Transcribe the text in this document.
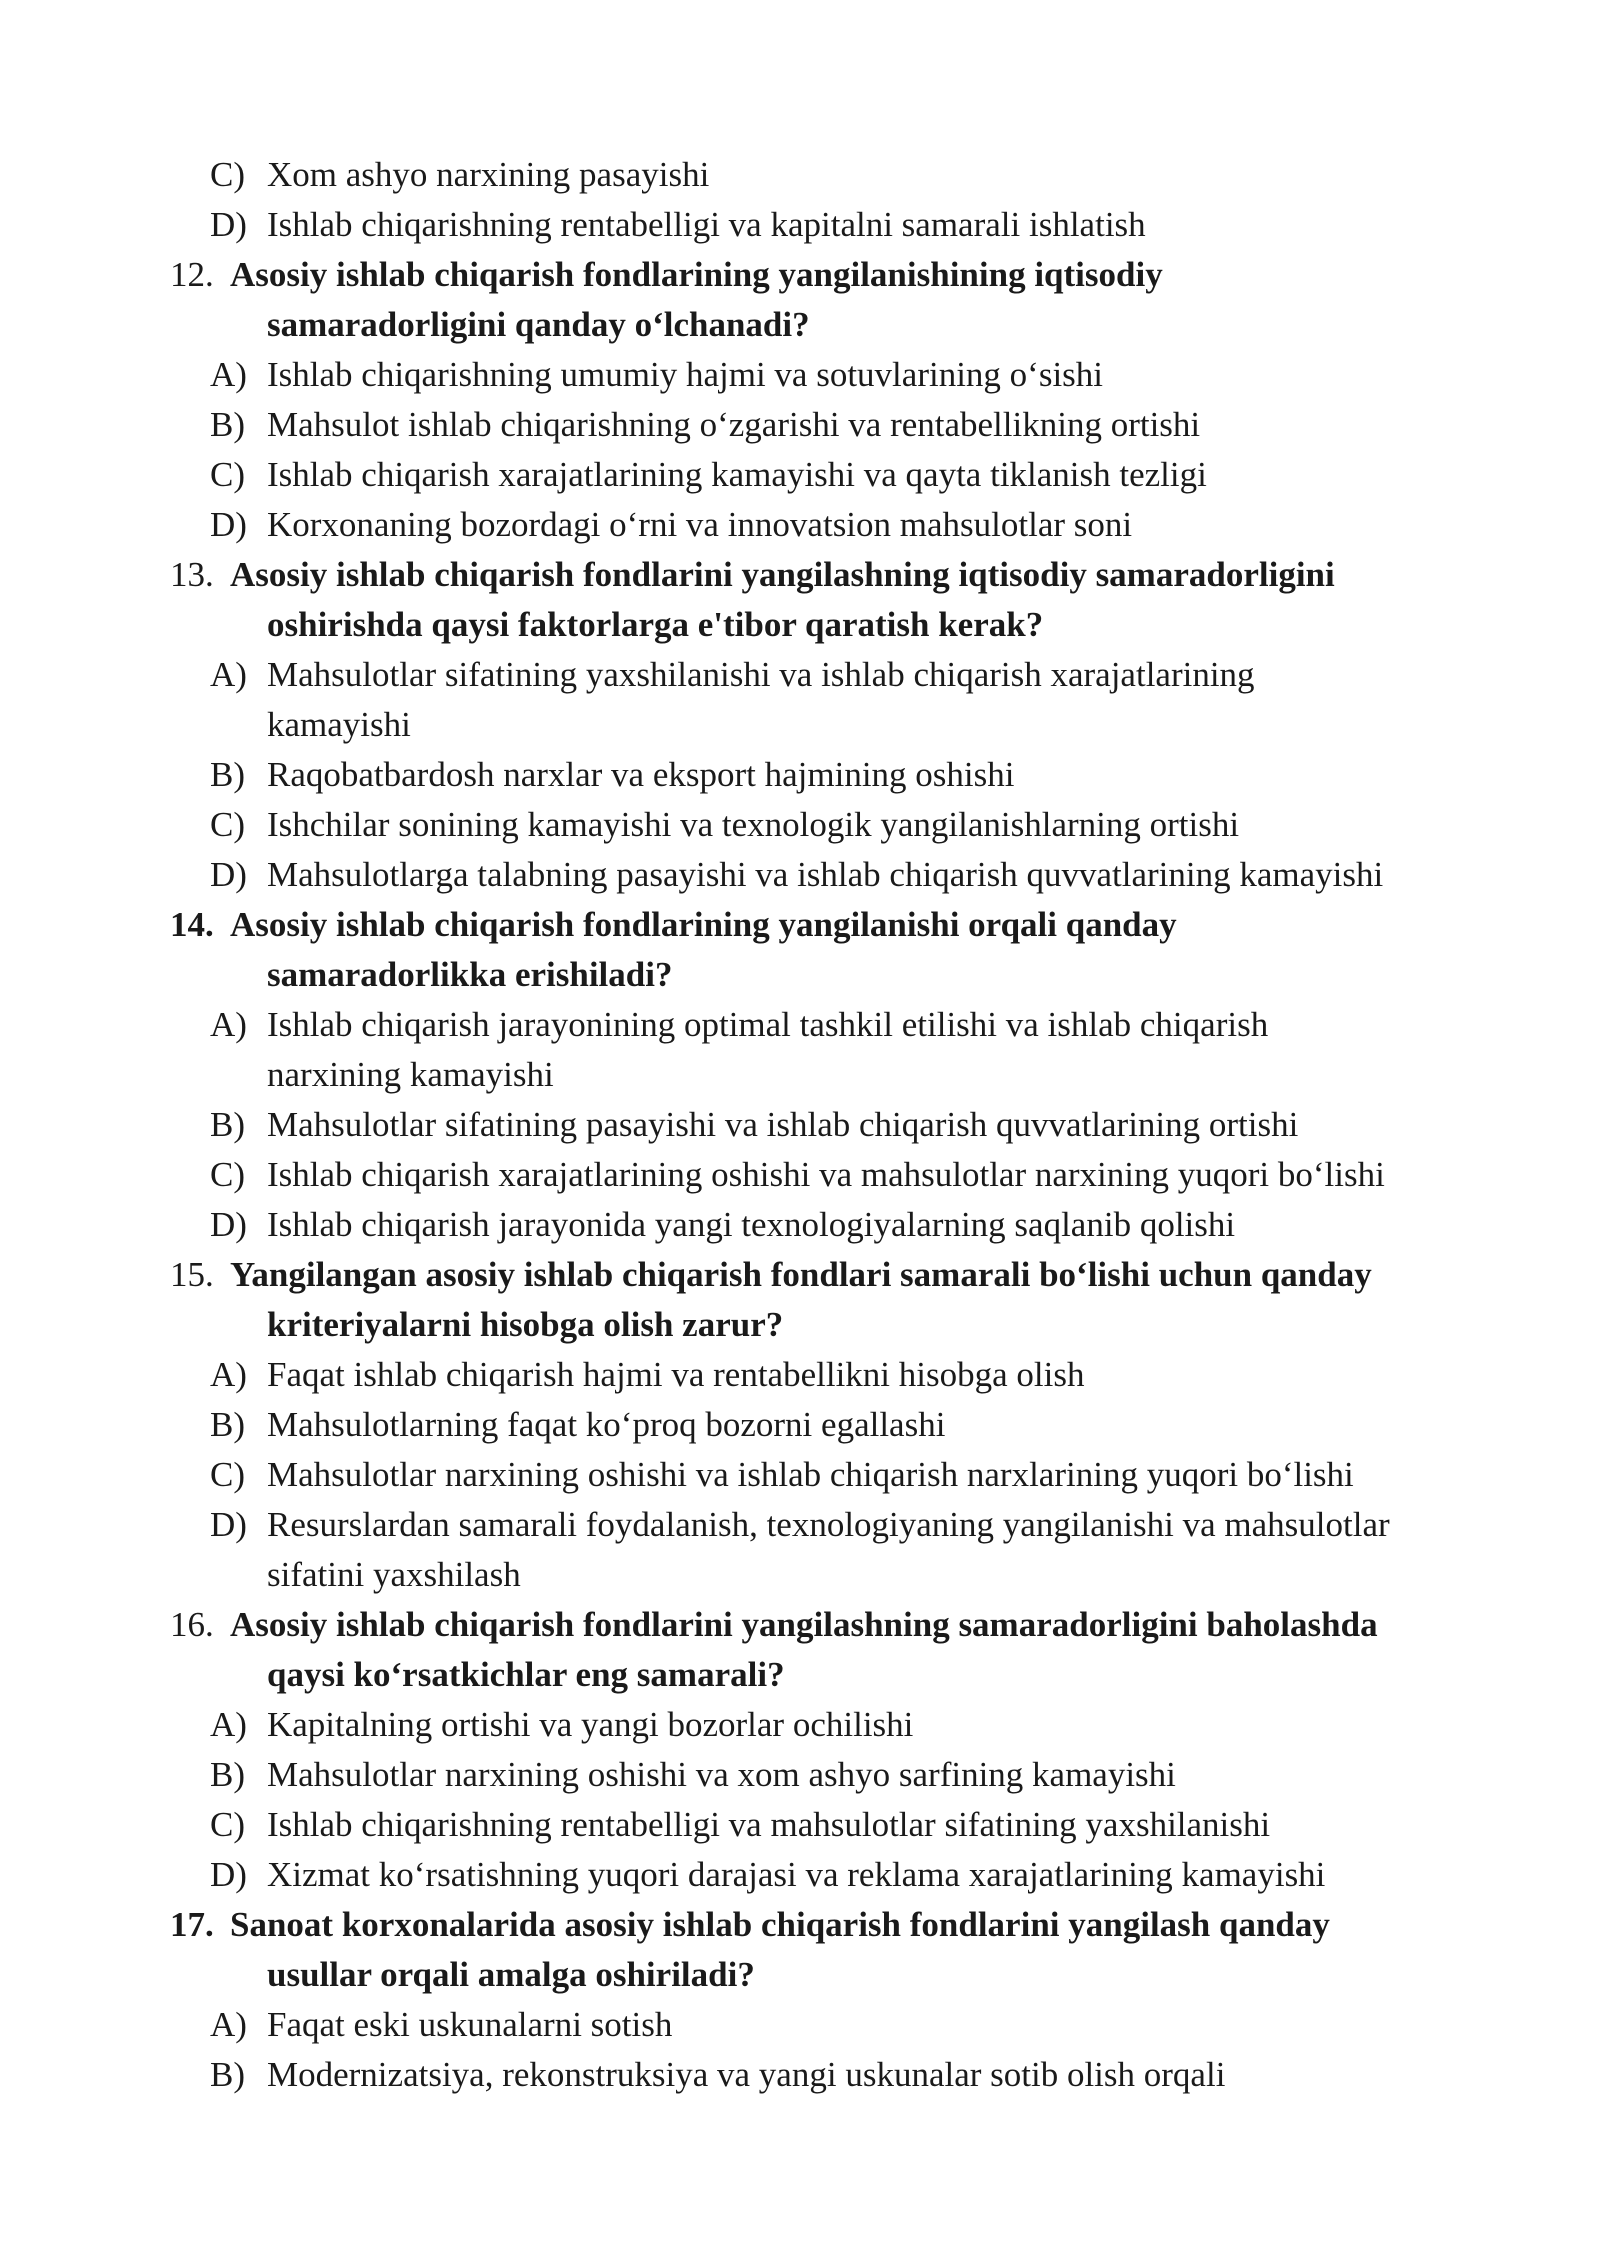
C) Xom ashyo narxining pasayishi
D) Ishlab chiqarishning rentabelligi va kapitalni samarali ishlatish
12. Asosiy ishlab chiqarish fondlarining yangilanishining iqtisodiy
samaradorligini qanday o‘lchanadi?
A) Ishlab chiqarishning umumiy hajmi va sotuvlarining o‘sishi
B) Mahsulot ishlab chiqarishning o‘zgarishi va rentabellikning ortishi
C) Ishlab chiqarish xarajatlarining kamayishi va qayta tiklanish tezligi
D) Korxonaning bozordagi o‘rni va innovatsion mahsulotlar soni
13. Asosiy ishlab chiqarish fondlarini yangilashning iqtisodiy samaradorligini
oshirishda qaysi faktorlarga e'tibor qaratish kerak?
A) Mahsulotlar sifatining yaxshilanishi va ishlab chiqarish xarajatlarining
kamayishi
B) Raqobatbardosh narxlar va eksport hajmining oshishi
C) Ishchilar sonining kamayishi va texnologik yangilanishlarning ortishi
D) Mahsulotlarga talabning pasayishi va ishlab chiqarish quvvatlarining kamayishi
14. Asosiy ishlab chiqarish fondlarining yangilanishi orqali qanday
samaradorlikka erishiladi?
A) Ishlab chiqarish jarayonining optimal tashkil etilishi va ishlab chiqarish
narxining kamayishi
B) Mahsulotlar sifatining pasayishi va ishlab chiqarish quvvatlarining ortishi
C) Ishlab chiqarish xarajatlarining oshishi va mahsulotlar narxining yuqori bo‘lishi
D) Ishlab chiqarish jarayonida yangi texnologiyalarning saqlanib qolishi
15. Yangilangan asosiy ishlab chiqarish fondlari samarali bo‘lishi uchun qanday
kriteriyalarni hisobga olish zarur?
A) Faqat ishlab chiqarish hajmi va rentabellikni hisobga olish
B) Mahsulotlarning faqat ko‘proq bozorni egallashi
C) Mahsulotlar narxining oshishi va ishlab chiqarish narxlarining yuqori bo‘lishi
D) Resurslardan samarali foydalanish, texnologiyaning yangilanishi va mahsulotlar
sifatini yaxshilash
16. Asosiy ishlab chiqarish fondlarini yangilashning samaradorligini baholashda
qaysi ko‘rsatkichlar eng samarali?
A) Kapitalning ortishi va yangi bozorlar ochilishi
B) Mahsulotlar narxining oshishi va xom ashyo sarfining kamayishi
C) Ishlab chiqarishning rentabelligi va mahsulotlar sifatining yaxshilanishi
D) Xizmat ko‘rsatishning yuqori darajasi va reklama xarajatlarining kamayishi
17. Sanoat korxonalarida asosiy ishlab chiqarish fondlarini yangilash qanday
usullar orqali amalga oshiriladi?
A) Faqat eski uskunalarni sotish
B) Modernizatsiya, rekonstruksiya va yangi uskunalar sotib olish orqali
